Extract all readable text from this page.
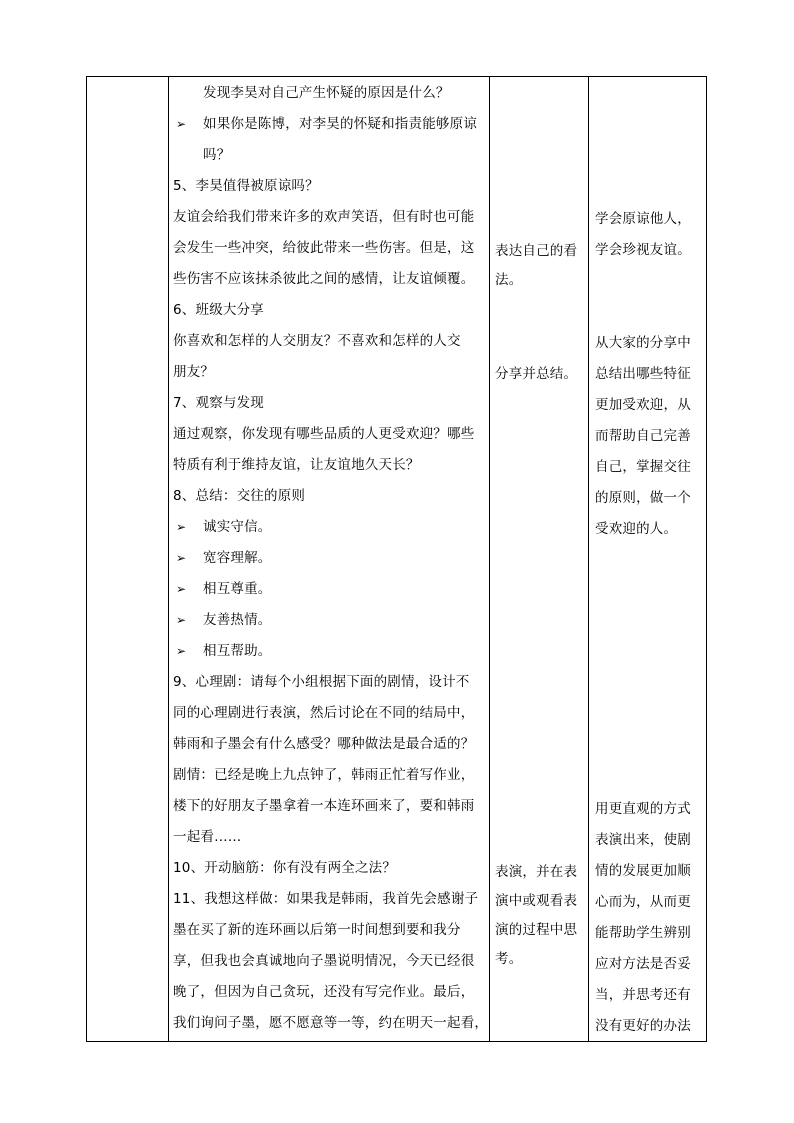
发现李昊对自己产生怀疑的原因是什么？
➢ 如果你是陈博，对李昊的怀疑和指责能够原谅
吗？
5、李昊值得被原谅吗？
友谊会给我们带来许多的欢声笑语，但有时也可能
会发生一些冲突，给彼此带来一些伤害。但是，这
些伤害不应该抹杀彼此之间的感情，让友谊倾覆。
6、班级大分享
你喜欢和怎样的人交朋友？不喜欢和怎样的人交
朋友？
7、观察与发现
通过观察，你发现有哪些品质的人更受欢迎？哪些
特质有利于维持友谊，让友谊地久天长？
8、总结：交往的原则
➢ 诚实守信。
➢ 宽容理解。
➢ 相互尊重。
➢ 友善热情。
➢ 相互帮助。
9、心理剧：请每个小组根据下面的剧情，设计不
同的心理剧进行表演，然后讨论在不同的结局中，
韩雨和子墨会有什么感受？哪种做法是最合适的？
剧情：已经是晚上九点钟了，韩雨正忙着写作业，
楼下的好朋友子墨拿着一本连环画来了，要和韩雨
一起看……
10、开动脑筋：你有没有两全之法？
11、我想这样做：如果我是韩雨，我首先会感谢子
墨在买了新的连环画以后第一时间想到要和我分
享，但我也会真诚地向子墨说明情况，今天已经很
晚了，但因为自己贪玩，还没有写完作业。最后，
我们询问子墨，愿不愿意等一等，约在明天一起看，
表达自己的看
法。
分享并总结。
表演，并在表
演中或观看表
演的过程中思
考。
学会原谅他人，
学会珍视友谊。
从大家的分享中
总结出哪些特征
更加受欢迎，从
而帮助自己完善
自己，掌握交往
的原则，做一个
受欢迎的人。
用更直观的方式
表演出来，使剧
情的发展更加顺
心而为，从而更
能帮助学生辨别
应对方法是否妥
当，并思考还有
没有更好的办法
